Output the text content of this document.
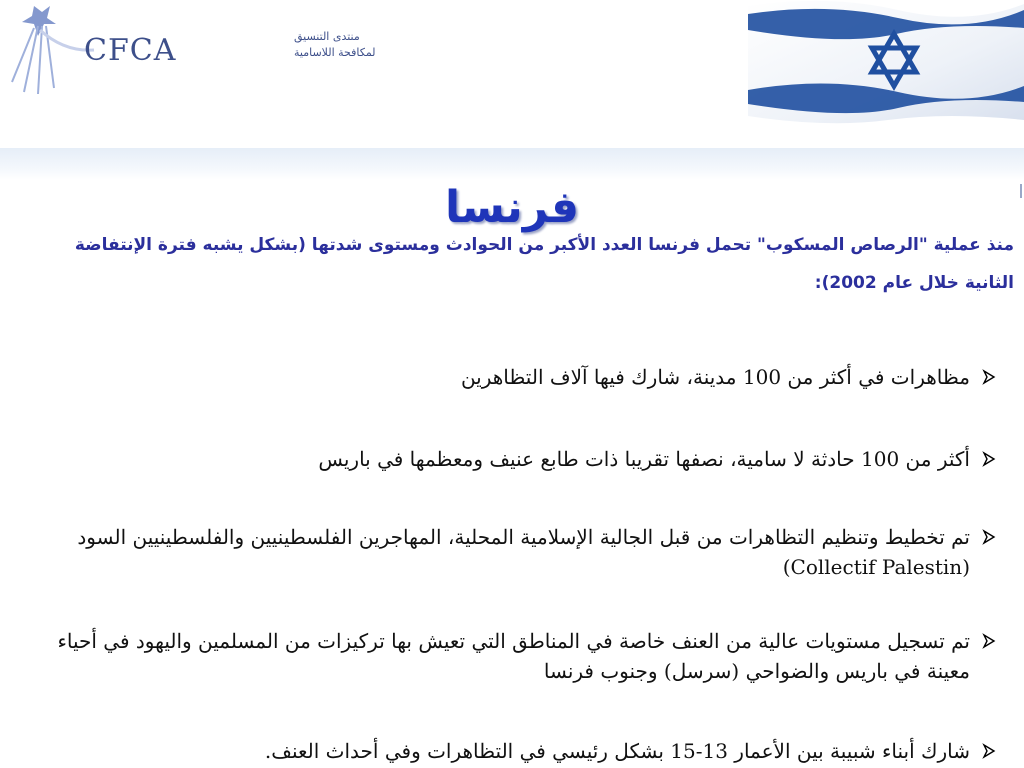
CFCA	منتدى التنسيق
لمكافحة اللاسامية
فرنسا
منذ عملية "الرصاص المسكوب" تحمل فرنسا العدد الأكبر من الحوادث ومستوى شدتها (بشكل يشبه فترة الإنتفاضة الثانية خلال عام 2002):
مظاهرات في أكثر من 100 مدينة، شارك فيها آلاف التظاهرين
أكثر من 100 حادثة لا سامية، نصفها تقريبا ذات طابع عنيف ومعظمها في باريس
تم تخطيط وتنظيم التظاهرات من قبل الجالية الإسلامية المحلية، المهاجرين الفلسطينيين والفلسطينيين السود (Collectif Palestin)
تم تسجيل مستويات عالية من العنف خاصة في المناطق التي تعيش بها تركيزات من المسلمين واليهود في أحياء معينة في باريس والضواحي (سرسل) وجنوب فرنسا
شارك أبناء شبيبة بين الأعمار 13-15 بشكل رئيسي في التظاهرات وفي أحداث العنف.
